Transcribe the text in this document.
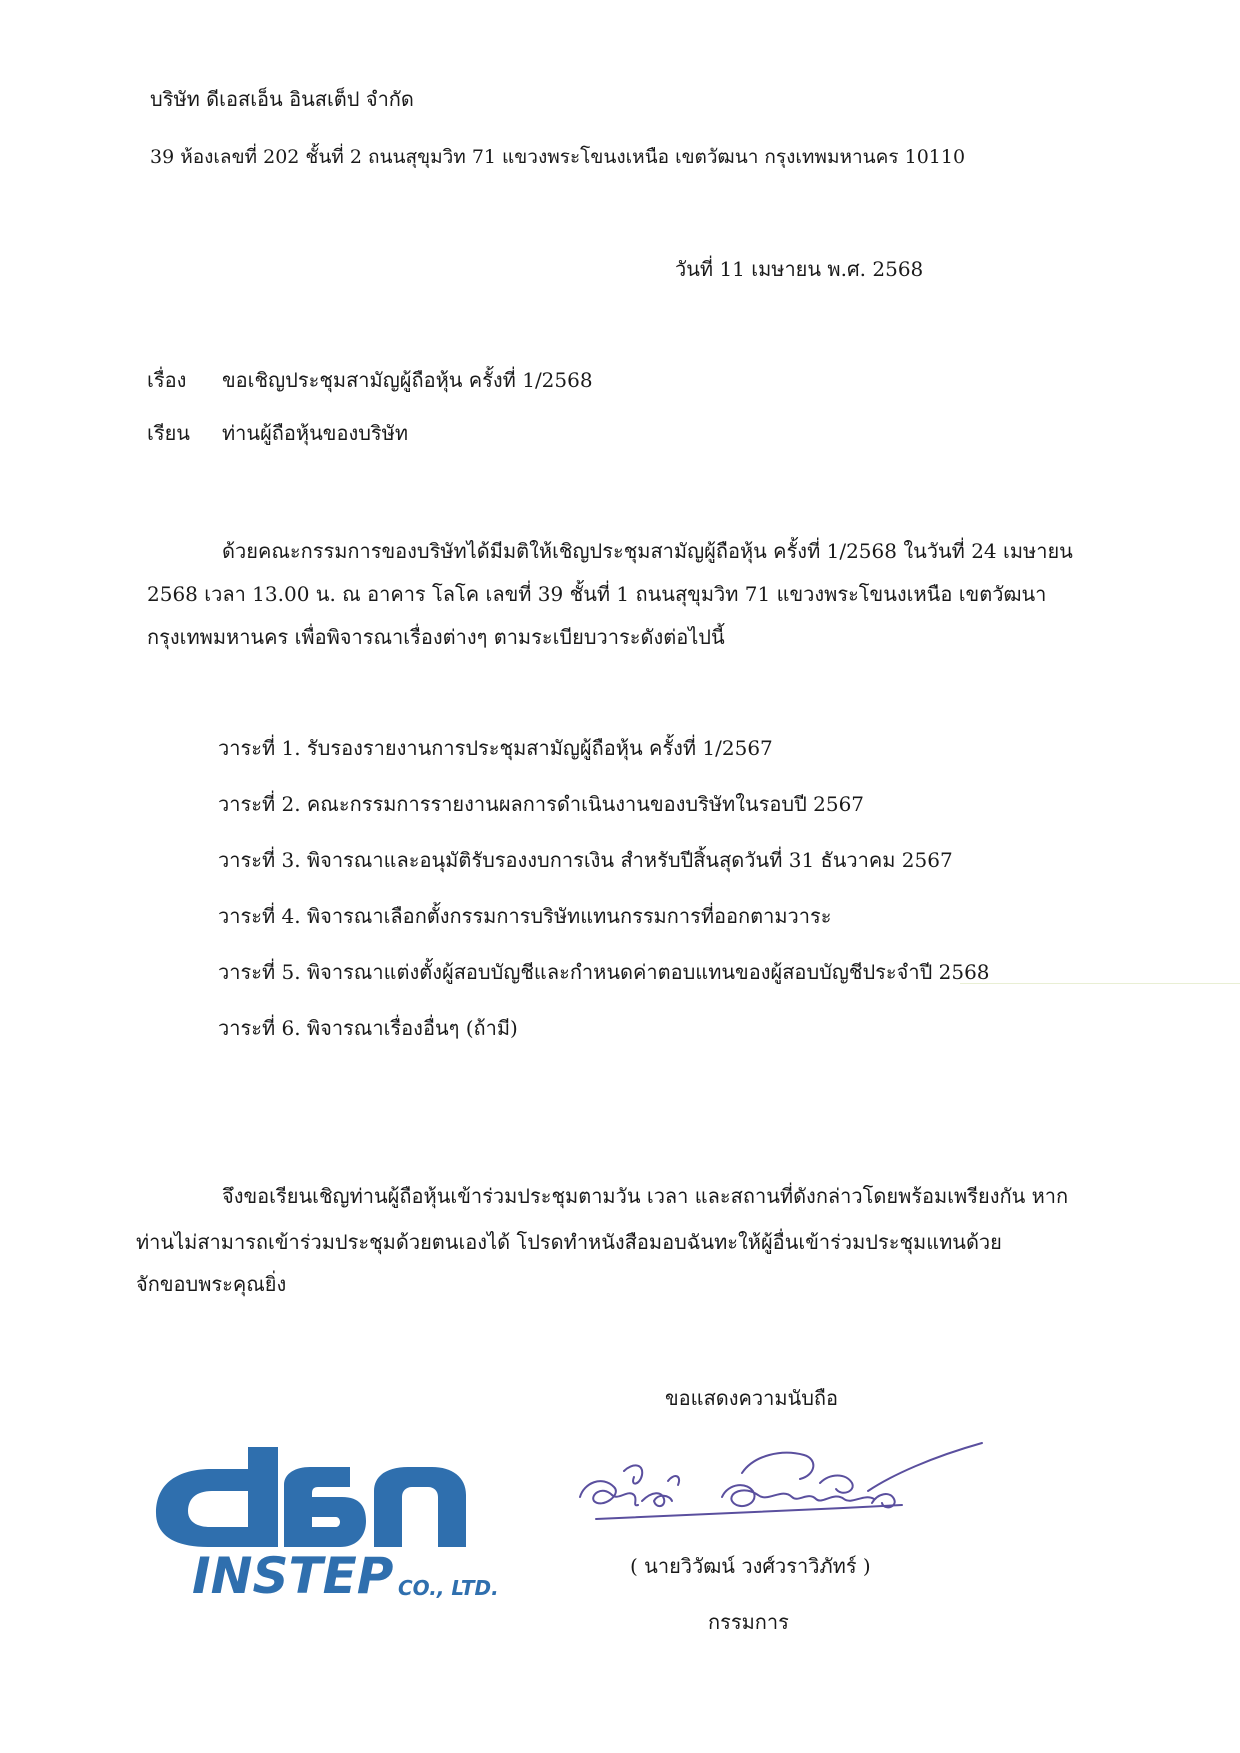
บริษัท ดีเอสเอ็น อินสเต็ป จำกัด

39 ห้องเลขที่ 202 ชั้นที่ 2 ถนนสุขุมวิท 71 แขวงพระโขนงเหนือ เขตวัฒนา กรุงเทพมหานคร 10110

วันที่ 11 เมษายน พ.ศ. 2568

เรื่อง ขอเชิญประชุมสามัญผู้ถือหุ้น ครั้งที่ 1/2568

เรียน ท่านผู้ถือหุ้นของบริษัท

ด้วยคณะกรรมการของบริษัทได้มีมติให้เชิญประชุมสามัญผู้ถือหุ้น ครั้งที่ 1/2568 ในวันที่ 24 เมษายน

2568 เวลา 13.00 น. ณ อาคาร โลโค เลขที่ 39 ชั้นที่ 1 ถนนสุขุมวิท 71 แขวงพระโขนงเหนือ เขตวัฒนา

กรุงเทพมหานคร เพื่อพิจารณาเรื่องต่างๆ ตามระเบียบวาระดังต่อไปนี้

วาระที่ 1. รับรองรายงานการประชุมสามัญผู้ถือหุ้น ครั้งที่ 1/2567
วาระที่ 2. คณะกรรมการรายงานผลการดำเนินงานของบริษัทในรอบปี 2567
วาระที่ 3. พิจารณาและอนุมัติรับรองงบการเงิน สำหรับปีสิ้นสุดวันที่ 31 ธันวาคม 2567
วาระที่ 4. พิจารณาเลือกตั้งกรรมการบริษัทแทนกรรมการที่ออกตามวาระ
วาระที่ 5. พิจารณาแต่งตั้งผู้สอบบัญชีและกำหนดค่าตอบแทนของผู้สอบบัญชีประจำปี 2568
วาระที่ 6. พิจารณาเรื่องอื่นๆ (ถ้ามี)

จึงขอเรียนเชิญท่านผู้ถือหุ้นเข้าร่วมประชุมตามวัน เวลา และสถานที่ดังกล่าวโดยพร้อมเพรียงกัน หาก

ท่านไม่สามารถเข้าร่วมประชุมด้วยตนเองได้ โปรดทำหนังสือมอบฉันทะให้ผู้อื่นเข้าร่วมประชุมแทนด้วย

จักขอบพระคุณยิ่ง

ขอแสดงความนับถือ

( นายวิวัฒน์ วงศ์วราวิภัทร์ )

กรรมการ

INSTEP CO., LTD.
